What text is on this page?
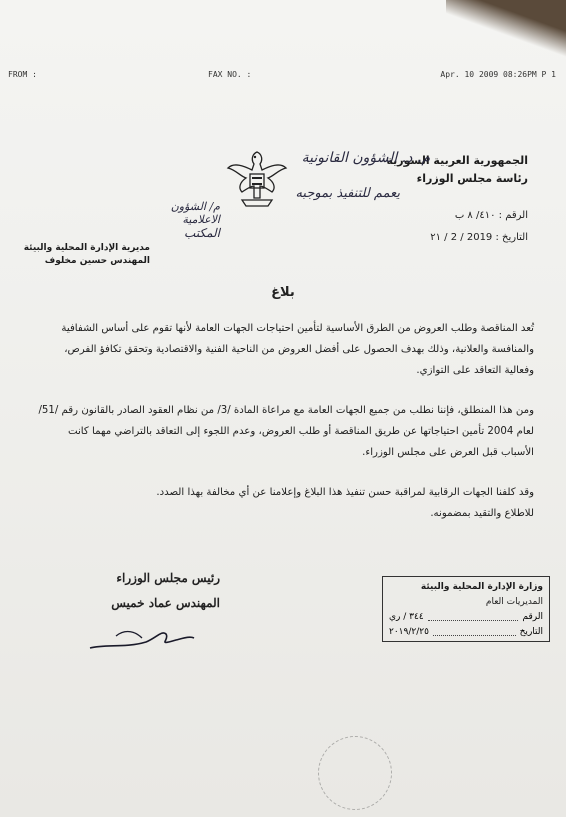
FROM :	FAX NO. :	Apr. 10 2009 08:26PM P 1
الجمهورية العربية السورية
رئاسة مجلس الوزراء
الرقم : ٤١٠/ ٨ ب
التاريخ : 2019 / 2 / ٢١
م. د. الشؤون القانونية
يعمم للتنفيذ بموجبه
م/ الشؤون الاعلامية
المكتب
مديرية الإدارة المحلية والبيئة
المهندس حسين مخلوف
بلاغ
تُعد المناقصة وطلب العروض من الطرق الأساسية لتأمين احتياجات الجهات العامة لأنها تقوم على أساس الشفافية والمنافسة والعلانية، وذلك بهدف الحصول على أفضل العروض من الناحية الفنية والاقتصادية وتحقق تكافؤ الفرص، وفعالية التعاقد على التوازي.
ومن هذا المنطلق، فإننا نطلب من جميع الجهات العامة مع مراعاة المادة /3/ من نظام العقود الصادر بالقانون رقم /51/ لعام 2004 تأمين احتياجاتها عن طريق المناقصة أو طلب العروض، وعدم اللجوء إلى التعاقد بالتراضي مهما كانت الأسباب قبل العرض على مجلس الوزراء.
وقد كلفنا الجهات الرقابية لمراقبة حسن تنفيذ هذا البلاغ وإعلامنا عن أي مخالفة بهذا الصدد.
للاطلاع والتقيد بمضمونه.
رئيس مجلس الوزراء
المهندس عماد خميس
وزارة الإدارة المحلية والبيئة
المديريات العام
الرقم
٣٤٤ / ري
التاريخ
٢٠١٩/٢/٢٥
